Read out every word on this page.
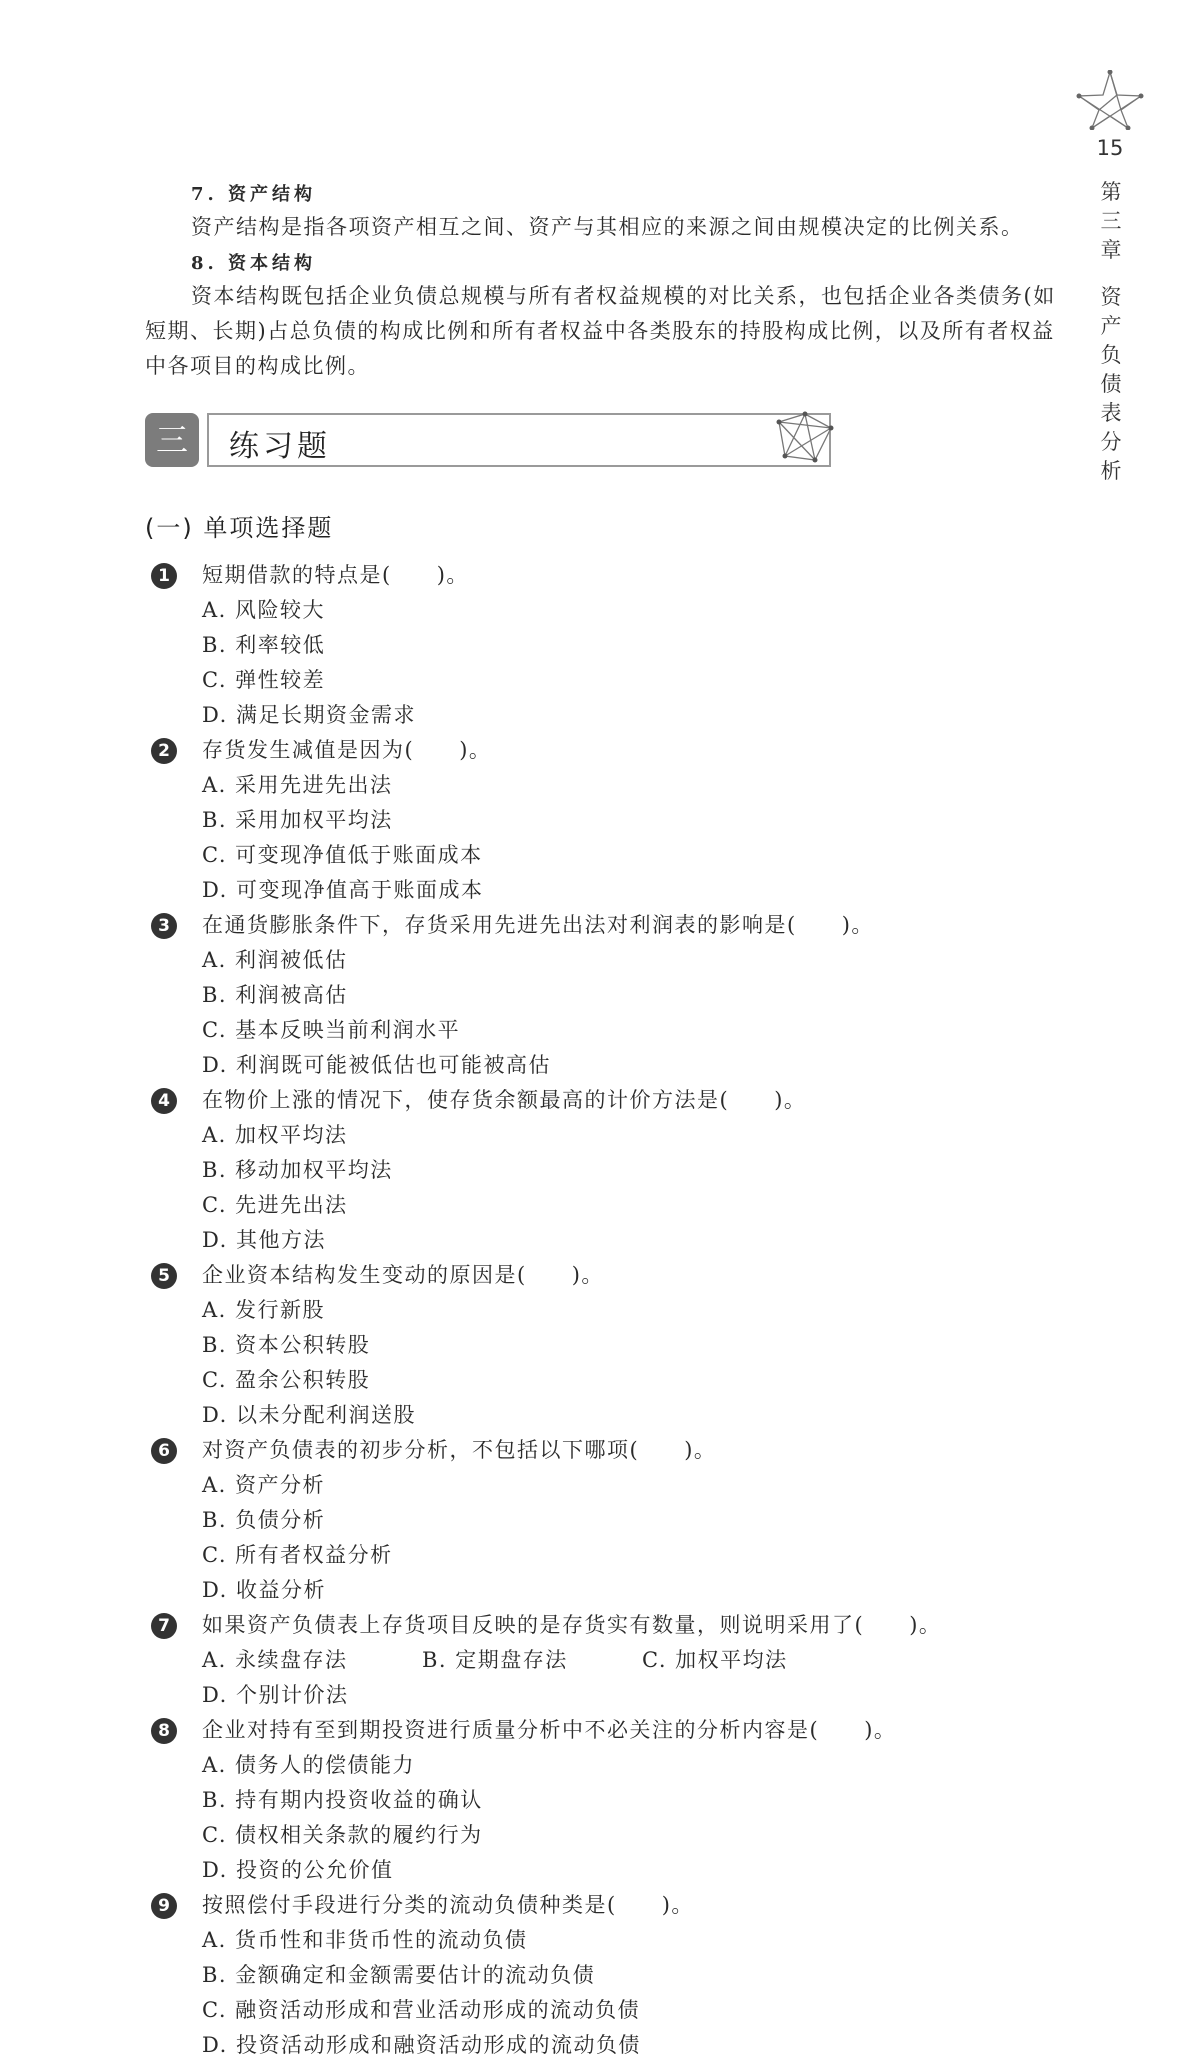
15
第三章
资产负债表分析
7. 资产结构

资产结构是指各项资产相互之间、资产与其相应的来源之间由规模决定的比例关系。

8. 资本结构

资本结构既包括企业负债总规模与所有者权益规模的对比关系，也包括企业各类债务(如短期、长期)占总负债的构成比例和所有者权益中各类股东的持股构成比例，以及所有者权益中各项目的构成比例。

三	练习题
(一) 单项选择题
1	短期借款的特点是(　　)。
A. 风险较大
B. 利率较低
C. 弹性较差
D. 满足长期资金需求
2	存货发生减值是因为(　　)。
A. 采用先进先出法
B. 采用加权平均法
C. 可变现净值低于账面成本
D. 可变现净值高于账面成本
3	在通货膨胀条件下，存货采用先进先出法对利润表的影响是(　　)。
A. 利润被低估
B. 利润被高估
C. 基本反映当前利润水平
D. 利润既可能被低估也可能被高估
4	在物价上涨的情况下，使存货余额最高的计价方法是(　　)。
A. 加权平均法
B. 移动加权平均法
C. 先进先出法
D. 其他方法
5	企业资本结构发生变动的原因是(　　)。
A. 发行新股
B. 资本公积转股
C. 盈余公积转股
D. 以未分配利润送股
6	对资产负债表的初步分析，不包括以下哪项(　　)。
A. 资产分析
B. 负债分析
C. 所有者权益分析
D. 收益分析
7	如果资产负债表上存货项目反映的是存货实有数量，则说明采用了(　　)。
A. 永续盘存法	B. 定期盘存法	C. 加权平均法
D. 个别计价法
8	企业对持有至到期投资进行质量分析中不必关注的分析内容是(　　)。
A. 债务人的偿债能力
B. 持有期内投资收益的确认
C. 债权相关条款的履约行为
D. 投资的公允价值
9	按照偿付手段进行分类的流动负债种类是(　　)。
A. 货币性和非货币性的流动负债
B. 金额确定和金额需要估计的流动负债
C. 融资活动形成和营业活动形成的流动负债
D. 投资活动形成和融资活动形成的流动负债
